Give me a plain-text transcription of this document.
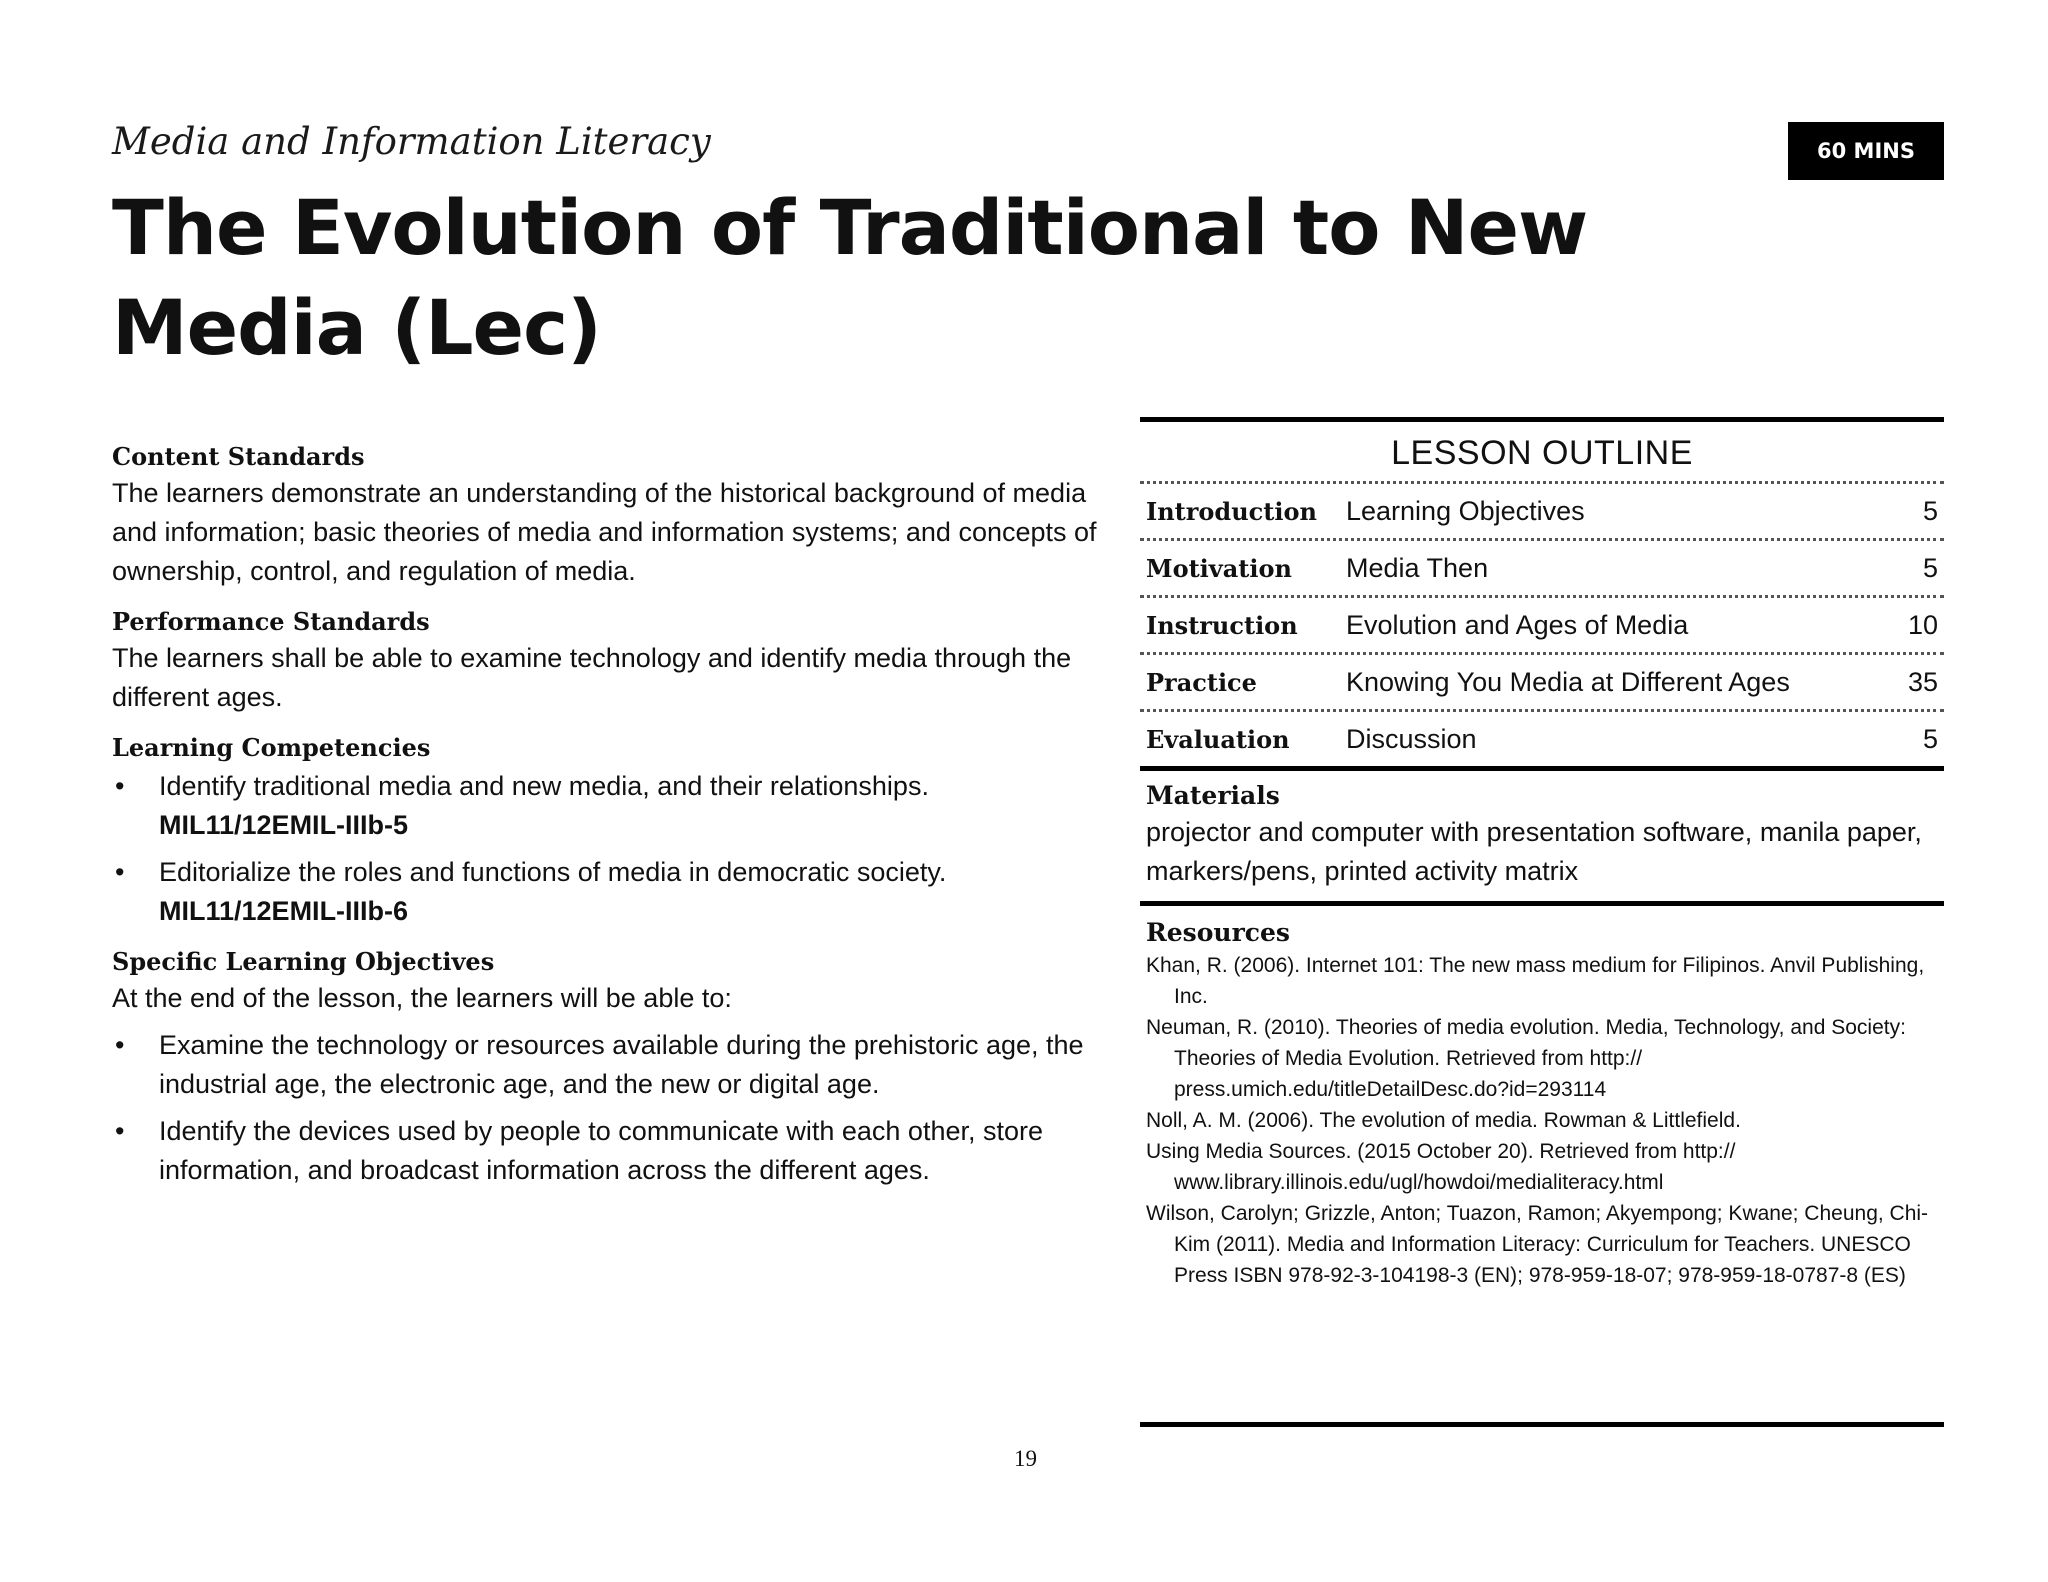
Media and Information Literacy
The Evolution of Traditional to New Media (Lec)
60 MINS
Content Standards

The learners demonstrate an understanding of the historical background of media and information; basic theories of media and information systems; and concepts of ownership, control, and regulation of media.

Performance Standards

The learners shall be able to examine technology and identify media through the different ages.

Learning Competencies
• Identify traditional media and new media, and their relationships.
MIL11/12EMIL-IIIb-5
• Editorialize the roles and functions of media in democratic society.
MIL11/12EMIL-IIIb-6
Specific Learning Objectives

At the end of the lesson, the learners will be able to:

• Examine the technology or resources available during the prehistoric age, the industrial age, the electronic age, and the new or digital age.
• Identify the devices used by people to communicate with each other, store information, and broadcast information across the different ages.
LESSON OUTLINE
Introduction	Learning Objectives	5
Motivation	Media Then	5
Instruction	Evolution and Ages of Media	10
Practice	Knowing You Media at Different Ages	35
Evaluation	Discussion	5
Materials

projector and computer with presentation software, manila paper, markers/pens, printed activity matrix

Resources
Khan, R. (2006). Internet 101: The new mass medium for Filipinos. Anvil Publishing, Inc.
Neuman, R. (2010). Theories of media evolution. Media, Technology, and Society: Theories of Media Evolution. Retrieved from http:// press.umich.edu/titleDetailDesc.do?id=293114
Noll, A. M. (2006). The evolution of media. Rowman & Littlefield.
Using Media Sources. (2015 October 20). Retrieved from http:// www.library.illinois.edu/ugl/howdoi/medialiteracy.html
Wilson, Carolyn; Grizzle, Anton; Tuazon, Ramon; Akyempong; Kwane; Cheung, Chi-Kim (2011). Media and Information Literacy: Curriculum for Teachers. UNESCO Press ISBN 978-92-3-104198-3 (EN); 978-959-18-07; 978-959-18-0787-8 (ES)
19
